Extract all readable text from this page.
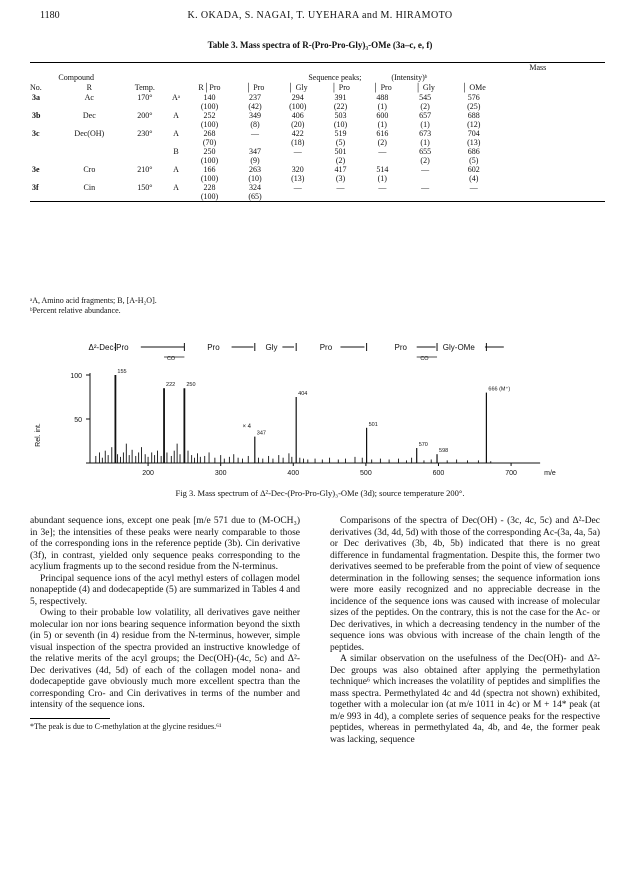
1180	K. OKADA, S. NAGAI, T. UYEHARA and M. HIRAMOTO
Table 3. Mass spectra of R-(Pro-Pro-Gly)₃-OMe (3a–c, e, f)

											Mass
Compound				Sequence peaks;				(Intensity)ᵇ			
No.	R	Temp.		R│Pro	│ Pro	│ Gly	│ Pro	│ Pro	│ Gly	│ OMe	
3a	Ac	170°	Aᵃ	140	237	294	391	488	545	576	
				(100)	(42)	(100)	(22)	(1)	(2)	(25)	
3b	Dec	200°	A	252	349	406	503	600	657	688	
				(100)	(8)	(20)	(10)	(1)	(1)	(12)	
3c	Dec(OH)	230°	A	268	—	422	519	616	673	704	
				(70)		(18)	(5)	(2)	(1)	(13)	
			B	250	347	—	501	—	655	686	
				(100)	(9)		(2)		(2)	(5)	
3e	Cro	210°	A	166	263	320	417	514	—	602	
				(100)	(10)	(13)	(3)	(1)		(4)	
3f	Cin	150°	A	228	324	—	—	—	—	—	
				(100)	(65)						

ᵃA, Amino acid fragments; B, [A-H₂O].
ᵇPercent relative abundance.
100
50
Rel. int.
200	300	400	500	600	700	m/e
155
222 250
404
347
501
570
598
666 (M⁺)
× 4
Δ²-Dec-Pro	Pro	Gly	Pro	Pro	Gly-OMe
CO	CO
Fig 3. Mass spectrum of Δ²-Dec-(Pro-Pro-Gly)₃-OMe (3d); source temperature 200°.

abundant sequence ions, except one peak [m/e 571 due to (M-OCH₃) in 3e]; the intensities of these peaks were nearly comparable to those of the corresponding ions in the reference peptide (3b). Cin derivative (3f), in contrast, yielded only sequence peaks corresponding to the acylium fragments up to the second residue from the N-terminus.

Principal sequence ions of the acyl methyl esters of collagen model nonapeptide (4) and dodecapeptide (5) are summarized in Tables 4 and 5, respectively.

Owing to their probable low volatility, all derivatives gave neither molecular ion nor ions bearing sequence information beyond the sixth (in 5) or seventh (in 4) residue from the N-terminus, however, simple visual inspection of the spectra provided an instructive knowledge of the relative merits of the acyl groups; the Dec(OH)-(4c, 5c) and Δ²-Dec derivatives (4d, 5d) of each of the collagen model nona- and dodecapeptide gave obviously much more excellent spectra than the corresponding Cro- and Cin derivatives in terms of the number and intensity of the sequence ions.

*The peak is due to C-methylation at the glycine residues.⁶¹

Comparisons of the spectra of Dec(OH) - (3c, 4c, 5c) and Δ²-Dec derivatives (3d, 4d, 5d) with those of the corresponding Ac-(3a, 4a, 5a) or Dec derivatives (3b, 4b, 5b) indicated that there is no great difference in fundamental fragmentation. Despite this, the former two derivatives seemed to be preferable from the point of view of sequence determination in the following senses; the sequence information ions were more easily recognized and no appreciable decrease in the incidence of the sequence ions was caused with increase of molecular sizes of the peptides. On the contrary, this is not the case for the Ac- or Dec derivatives, in which a decreasing tendency in the number of the sequence ions was obvious with increase of the chain length of the peptides.

A similar observation on the usefulness of the Dec(OH)- and Δ²-Dec groups was also obtained after applying the permethylation technique⁶ which increases the volatility of peptides and simplifies the mass spectra. Permethylated 4c and 4d (spectra not shown) exhibited, together with a molecular ion (at m/e 1011 in 4c) or M + 14* peak (at m/e 993 in 4d), a complete series of sequence peaks for the respective peptides, whereas in permethylated 4a, 4b, and 4e, the former peak was lacking, sequence
